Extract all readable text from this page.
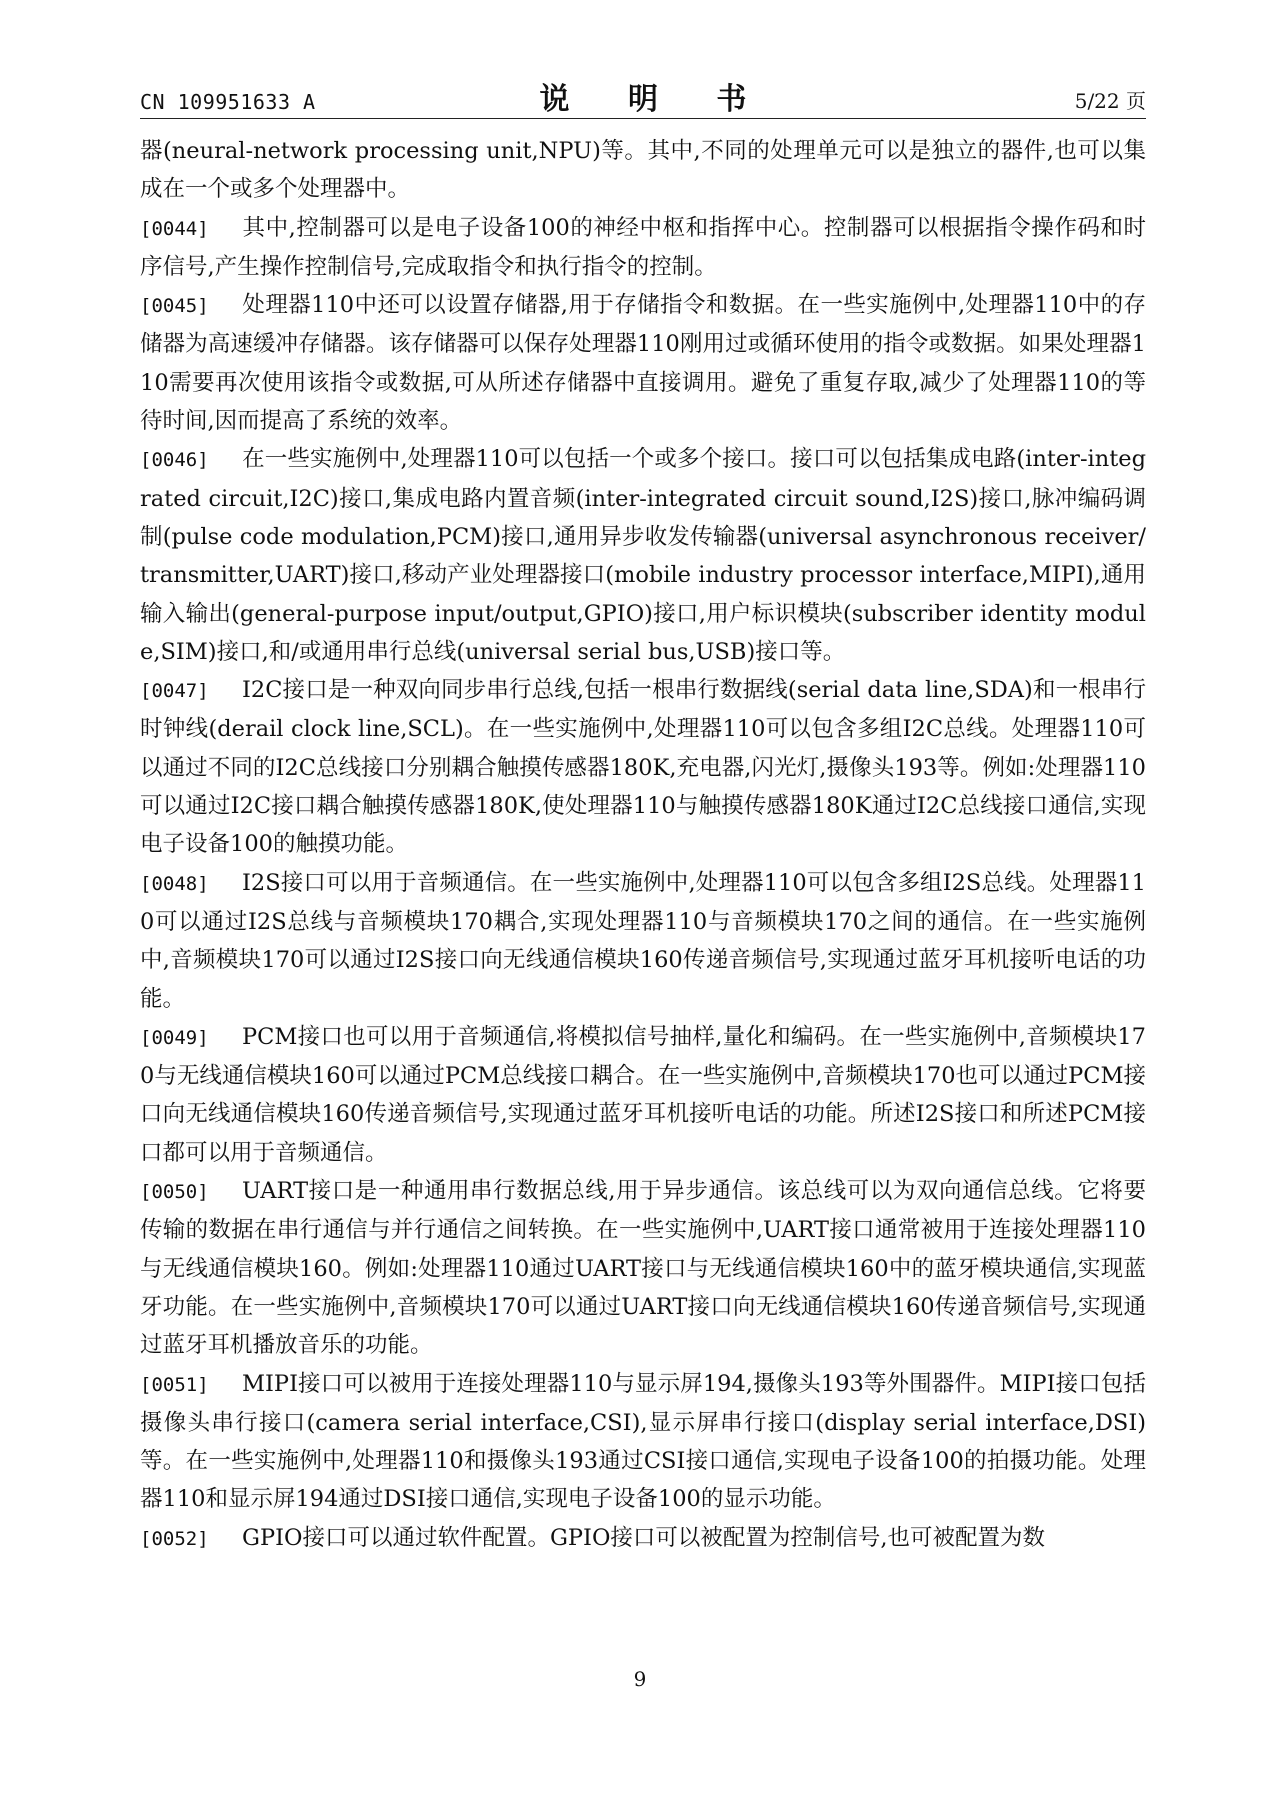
CN 109951633 A	说 明 书	5/22 页

器(neural-network processing unit,NPU)等。其中,不同的处理单元可以是独立的器件,也可以集成在一个或多个处理器中。

[0044] 其中,控制器可以是电子设备100的神经中枢和指挥中心。控制器可以根据指令操作码和时序信号,产生操作控制信号,完成取指令和执行指令的控制。

[0045] 处理器110中还可以设置存储器,用于存储指令和数据。在一些实施例中,处理器110中的存储器为高速缓冲存储器。该存储器可以保存处理器110刚用过或循环使用的指令或数据。如果处理器110需要再次使用该指令或数据,可从所述存储器中直接调用。避免了重复存取,减少了处理器110的等待时间,因而提高了系统的效率。

[0046] 在一些实施例中,处理器110可以包括一个或多个接口。接口可以包括集成电路(inter-integrated circuit,I2C)接口,集成电路内置音频(inter-integrated circuit sound,I2S)接口,脉冲编码调制(pulse code modulation,PCM)接口,通用异步收发传输器(universal asynchronous receiver/transmitter,UART)接口,移动产业处理器接口(mobile industry processor interface,MIPI),通用输入输出(general-purpose input/output,GPIO)接口,用户标识模块(subscriber identity module,SIM)接口,和/或通用串行总线(universal serial bus,USB)接口等。

[0047] I2C接口是一种双向同步串行总线,包括一根串行数据线(serial data line,SDA)和一根串行时钟线(derail clock line,SCL)。在一些实施例中,处理器110可以包含多组I2C总线。处理器110可以通过不同的I2C总线接口分别耦合触摸传感器180K,充电器,闪光灯,摄像头193等。例如:处理器110可以通过I2C接口耦合触摸传感器180K,使处理器110与触摸传感器180K通过I2C总线接口通信,实现电子设备100的触摸功能。

[0048] I2S接口可以用于音频通信。在一些实施例中,处理器110可以包含多组I2S总线。处理器110可以通过I2S总线与音频模块170耦合,实现处理器110与音频模块170之间的通信。在一些实施例中,音频模块170可以通过I2S接口向无线通信模块160传递音频信号,实现通过蓝牙耳机接听电话的功能。

[0049] PCM接口也可以用于音频通信,将模拟信号抽样,量化和编码。在一些实施例中,音频模块170与无线通信模块160可以通过PCM总线接口耦合。在一些实施例中,音频模块170也可以通过PCM接口向无线通信模块160传递音频信号,实现通过蓝牙耳机接听电话的功能。所述I2S接口和所述PCM接口都可以用于音频通信。

[0050] UART接口是一种通用串行数据总线,用于异步通信。该总线可以为双向通信总线。它将要传输的数据在串行通信与并行通信之间转换。在一些实施例中,UART接口通常被用于连接处理器110与无线通信模块160。例如:处理器110通过UART接口与无线通信模块160中的蓝牙模块通信,实现蓝牙功能。在一些实施例中,音频模块170可以通过UART接口向无线通信模块160传递音频信号,实现通过蓝牙耳机播放音乐的功能。

[0051] MIPI接口可以被用于连接处理器110与显示屏194,摄像头193等外围器件。MIPI接口包括摄像头串行接口(camera serial interface,CSI),显示屏串行接口(display serial interface,DSI)等。在一些实施例中,处理器110和摄像头193通过CSI接口通信,实现电子设备100的拍摄功能。处理器110和显示屏194通过DSI接口通信,实现电子设备100的显示功能。

[0052] GPIO接口可以通过软件配置。GPIO接口可以被配置为控制信号,也可被配置为数

9
